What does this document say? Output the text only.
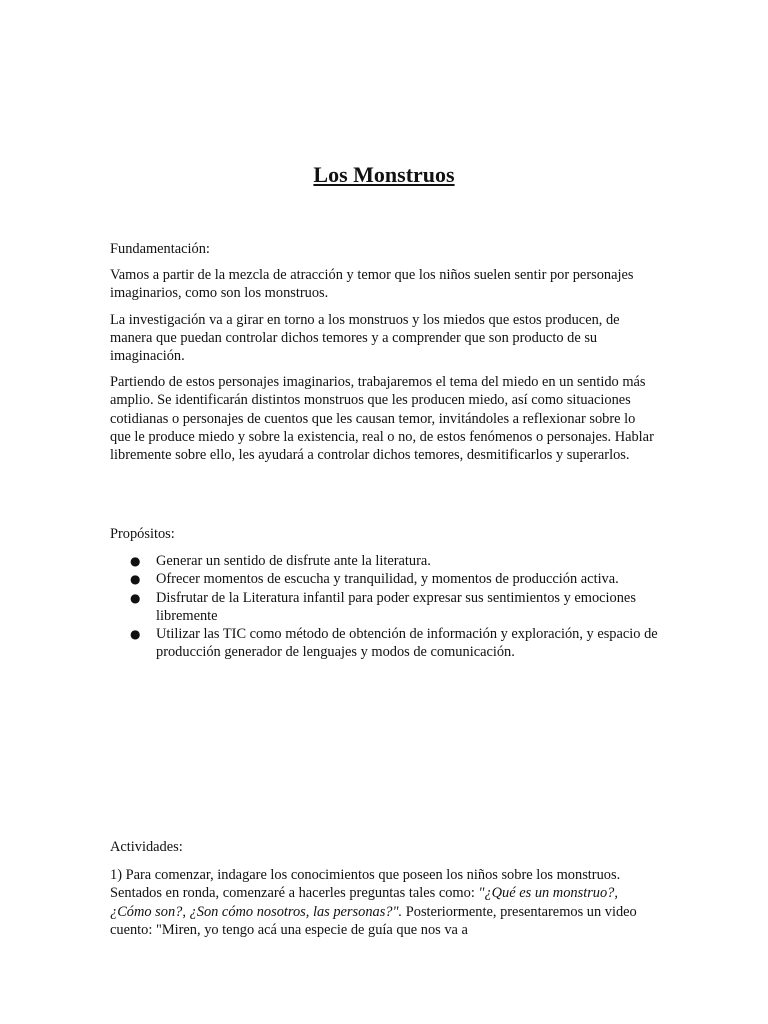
Los Monstruos

Fundamentación:

Vamos a partir de la mezcla de atracción y temor que los niños suelen sentir por personajes imaginarios, como son los monstruos.

La investigación va a girar en torno a los monstruos y los miedos que estos producen, de manera que puedan controlar dichos temores y a comprender que son producto de su imaginación.

Partiendo de estos personajes imaginarios, trabajaremos el tema del miedo en un sentido más amplio. Se identificarán distintos monstruos que les producen miedo, así como situaciones cotidianas o personajes de cuentos que les causan temor, invitándoles a reflexionar sobre lo que le produce miedo y sobre la existencia, real o no, de estos fenómenos o personajes. Hablar libremente sobre ello, les ayudará a controlar dichos temores, desmitificarlos y superarlos.

Propósitos:

● Generar un sentido de disfrute ante la literatura.
● Ofrecer momentos de escucha y tranquilidad, y momentos de producción activa.
● Disfrutar de la Literatura infantil para poder expresar sus sentimientos y emociones libremente
● Utilizar las TIC como método de obtención de información y exploración, y espacio de producción generador de lenguajes y modos de comunicación.

Actividades:

1) Para comenzar, indagare los conocimientos que poseen los niños sobre los monstruos. Sentados en ronda, comenzaré a hacerles preguntas tales como: "¿Qué es un monstruo?, ¿Cómo son?, ¿Son cómo nosotros, las personas?". Posteriormente, presentaremos un video cuento: "Miren, yo tengo acá una especie de guía que nos va a
